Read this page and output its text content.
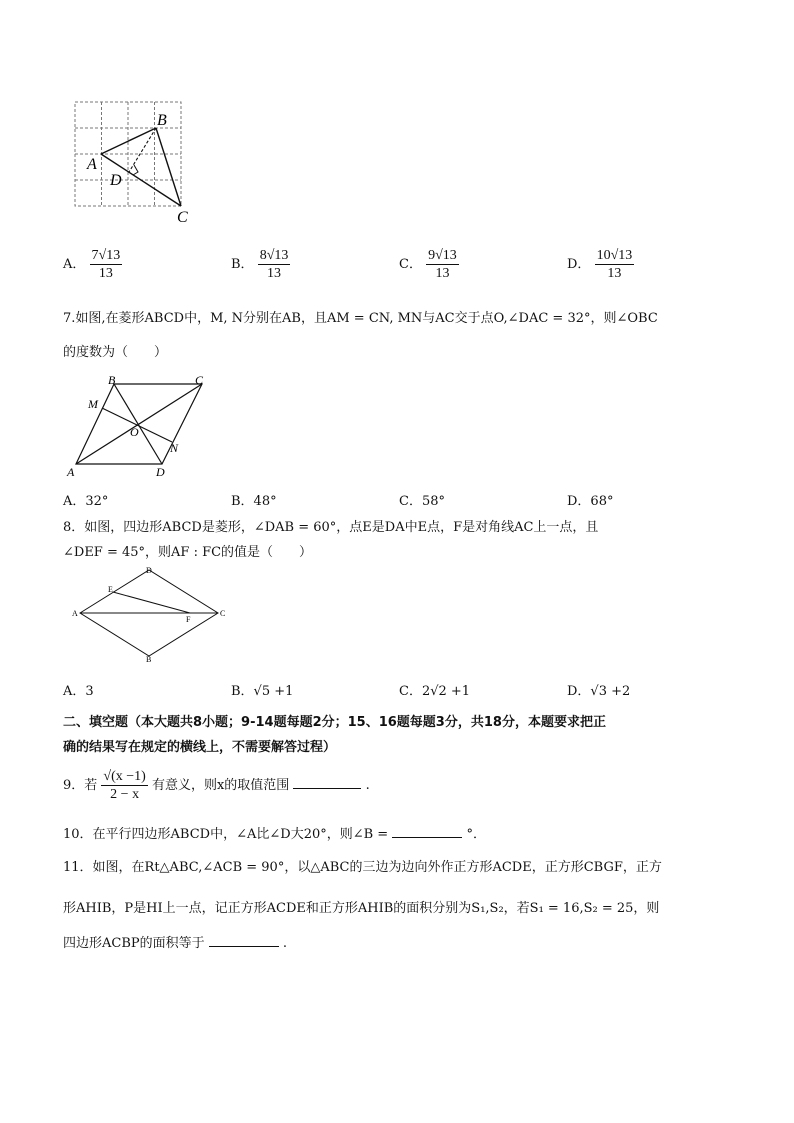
B
A
D
C
A． $\frac{7√13}{13}$	B． $\frac{8√13}{13}$	C． $\frac{9√13}{13}$	D． $\frac{10√13}{13}$
7.如图,在菱形ABCD中，M, N分别在AB，且AM = CN, MN与AC交于点O,∠DAC = 32°，则∠OBC
的度数为（　　）
B	C
M
O
N
A	D
A．32°	B．48°	C．58°	D．68°
8．如图，四边形ABCD是菱形，∠DAB = 60°，点E是DA中E点，F是对角线AC上一点，且
∠DEF = 45°，则AF : FC的值是（　　）
D
E
A
F
C
B
A．3	B．√5 +1	C．2√2 +1	D．√3 +2
二、填空题（本大题共8小题；9-14题每题2分；15、16题每题3分，共18分，本题要求把正
确的结果写在规定的横线上，不需要解答过程）
9．若 $\frac{√(x -1)}{2 - x}$ 有意义，则x的取值范围	.
10．在平行四边形ABCD中，∠A比∠D大20°，则∠B =	°．
11．如图，在Rt△ABC,∠ACB = 90°，以△ABC的三边为边向外作正方形ACDE，正方形CBGF，正方
形AHIB，P是HI上一点，记正方形ACDE和正方形AHIB的面积分别为S₁,S₂，若S₁ = 16,S₂ = 25，则
四边形ACBP的面积等于	.
